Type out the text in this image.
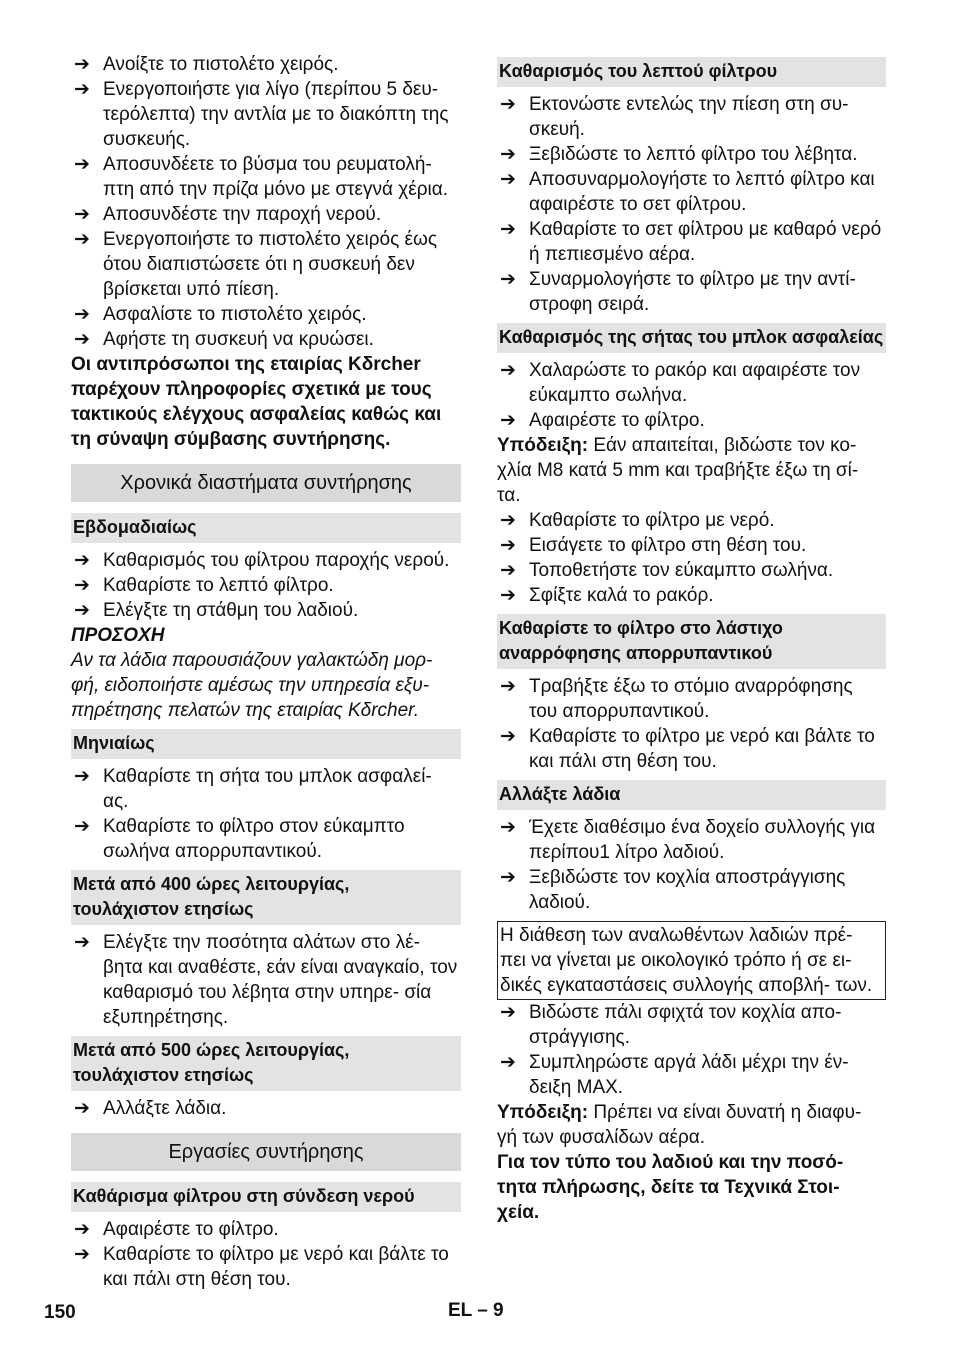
➔ Ανοίξτε το πιστολέτο χειρός.
➔ Ενεργοποιήστε για λίγο (περίπου 5 δευ- τερόλεπτα) την αντλία με το διακόπτη της συσκευής.
➔ Αποσυνδέετε το βύσμα του ρευματολή- πτη από την πρίζα μόνο με στεγνά χέρια.
➔ Αποσυνδέστε την παροχή νερού.
➔ Ενεργοποιήστε το πιστολέτο χειρός έως ότου διαπιστώσετε ότι η συσκευή δεν βρίσκεται υπό πίεση.
➔ Ασφαλίστε το πιστολέτο χειρός.
➔ Αφήστε τη συσκευή να κρυώσει.
Οι αντιπρόσωποι της εταιρίας Kδrcher παρέχουν πληροφορίες σχετικά με τους τακτικούς ελέγχους ασφαλείας καθώς και τη σύναψη σύμβασης συντήρησης.
Χρονικά διαστήματα συντήρησης
Εβδομαδιαίως
➔ Καθαρισμός του φίλτρου παροχής νερού.
➔ Καθαρίστε το λεπτό φίλτρο.
➔ Ελέγξτε τη στάθμη του λαδιού.
ΠΡΟΣΟΧΗ
Αν τα λάδια παρουσιάζουν γαλακτώδη μορ- φή, ειδοποιήστε αμέσως την υπηρεσία εξυ- πηρέτησης πελατών της εταιρίας Kδrcher.
Μηνιαίως
➔ Καθαρίστε τη σήτα του μπλοκ ασφαλεί- ας.
➔ Καθαρίστε το φίλτρο στον εύκαμπτο σωλήνα απορρυπαντικού.
Μετά από 400 ώρες λειτουργίας, τουλάχιστον ετησίως
➔ Ελέγξτε την ποσότητα αλάτων στο λέ- βητα και αναθέστε, εάν είναι αναγκαίο, τον καθαρισμό του λέβητα στην υπηρε- σία εξυπηρέτησης.
Μετά από 500 ώρες λειτουργίας, τουλάχιστον ετησίως
➔ Αλλάξτε λάδια.
Εργασίες συντήρησης
Καθάρισμα φίλτρου στη σύνδεση νερού
➔ Αφαιρέστε το φίλτρο.
➔ Καθαρίστε το φίλτρο με νερό και βάλτε το και πάλι στη θέση του.
Καθαρισμός του λεπτού φίλτρου
➔ Εκτονώστε εντελώς την πίεση στη συ- σκευή.
➔ Ξεβιδώστε το λεπτό φίλτρο του λέβητα.
➔ Αποσυναρμολογήστε το λεπτό φίλτρο και αφαιρέστε το σετ φίλτρου.
➔ Καθαρίστε το σετ φίλτρου με καθαρό νερό ή πεπιεσμένο αέρα.
➔ Συναρμολογήστε το φίλτρο με την αντί- στροφη σειρά.
Καθαρισμός της σήτας του μπλοκ ασφαλείας
➔ Χαλαρώστε το ρακόρ και αφαιρέστε τον εύκαμπτο σωλήνα.
➔ Αφαιρέστε το φίλτρο.
Υπόδειξη: Εάν απαιτείται, βιδώστε τον κο- χλία M8 κατά 5 mm και τραβήξτε έξω τη σί- τα.
➔ Καθαρίστε το φίλτρο με νερό.
➔ Εισάγετε το φίλτρο στη θέση του.
➔ Τοποθετήστε τον εύκαμπτο σωλήνα.
➔ Σφίξτε καλά το ρακόρ.
Καθαρίστε το φίλτρο στο λάστιχο αναρρόφησης απορρυπαντικού
➔ Τραβήξτε έξω το στόμιο αναρρόφησης του απορρυπαντικού.
➔ Καθαρίστε το φίλτρο με νερό και βάλτε το και πάλι στη θέση του.
Αλλάξτε λάδια
➔ Έχετε διαθέσιμο ένα δοχείο συλλογής για περίπου1 λίτρο λαδιού.
➔ Ξεβιδώστε τον κοχλία αποστράγγισης λαδιού.
Η διάθεση των αναλωθέντων λαδιών πρέ- πει να γίνεται με οικολογικό τρόπο ή σε ει- δικές εγκαταστάσεις συλλογής αποβλή- των.
➔ Βιδώστε πάλι σφιχτά τον κοχλία απο- στράγγισης.
➔ Συμπληρώστε αργά λάδι μέχρι την έν- δειξη MAX.
Υπόδειξη: Πρέπει να είναι δυνατή η διαφυ- γή των φυσαλίδων αέρα.
Για τον τύπο του λαδιού και την ποσό- τητα πλήρωσης, δείτε τα Τεχνικά Στοι- χεία.
150	EL – 9
